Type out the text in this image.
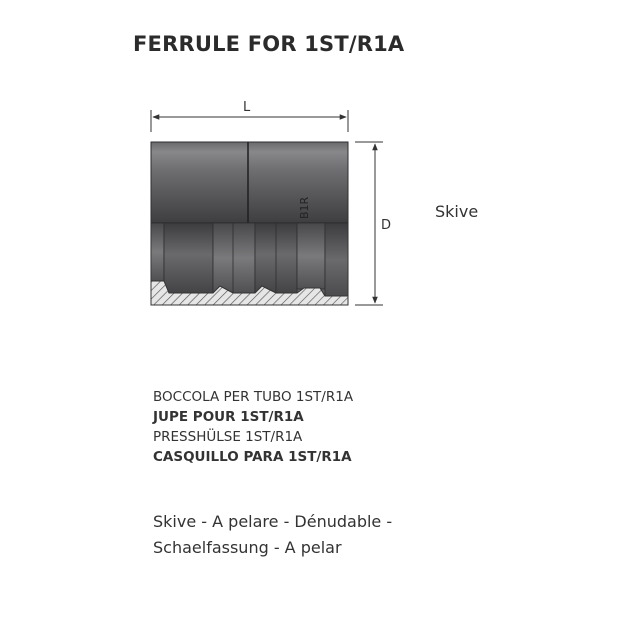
FERRULE FOR 1ST/R1A
L
D
B1R	Skive
BOCCOLA PER TUBO 1ST/R1A
JUPE POUR 1ST/R1A
PRESSHÜLSE 1ST/R1A
CASQUILLO PARA 1ST/R1A
Skive - A pelare - Dénudable -
Schaelfassung - A pelar
